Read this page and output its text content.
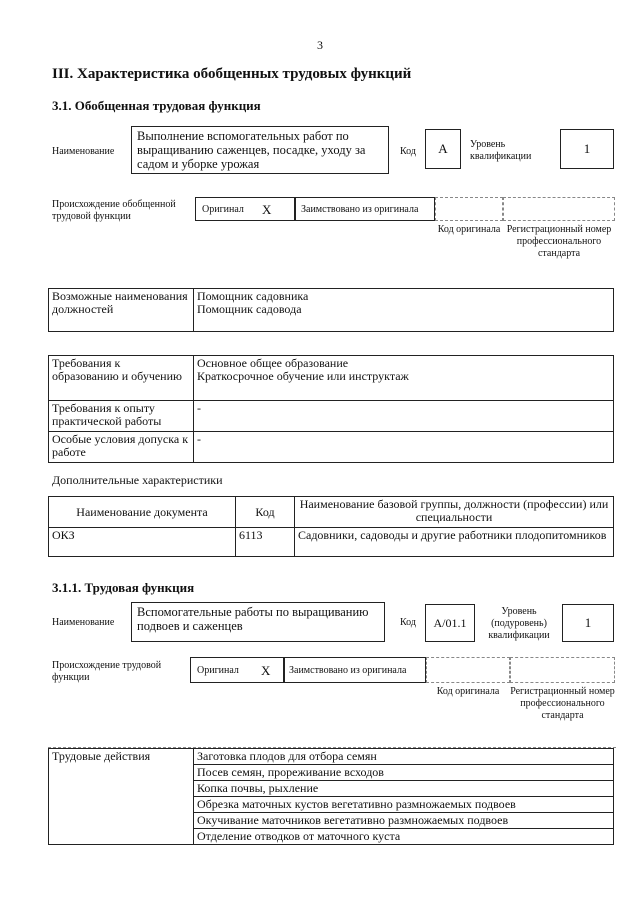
3
III. Характеристика обобщенных трудовых функций
3.1. Обобщенная трудовая функция
Наименование
Выполнение вспомогательных работ по выращиванию саженцев, посадке, уходу за садом и уборке урожая
Код	А	Уровень квалификации
1
Происхождение обобщенной трудовой функции
Оригинал Х	Заимствовано из оригинала
Код оригинала Регистрационный номер профессионального стандарта
Возможные наименования должностей	
Помощник садовника
Помощник садовода
Требования к образованию и обучению	Основное общее образование
Краткосрочное обучение или инструктаж

Требования к опыту практической работы	-
Особые условия допуска к работе	-
Дополнительные характеристики
Наименование документа	Код	Наименование базовой группы, должности (профессии) или специальности
ОКЗ	6113	Садовники, садоводы и другие работники плодопитомников
3.1.1. Трудовая функция
Наименование
Вспомогательные работы по выращиванию подвоев и саженцев	Код	А/01.1
Уровень (подуровень) квалификации
1
Происхождение трудовой функции
Оригинал Х Заимствовано из оригинала
Код оригинала	Регистрационный номер профессионального стандарта
Трудовые действия	Заготовка плодов для отбора семян
Посев семян, прореживание всходов
Копка почвы, рыхление
Обрезка маточных кустов вегетативно размножаемых подвоев
Окучивание маточников вегетативно размножаемых подвоев
Отделение отводков от маточного куста
